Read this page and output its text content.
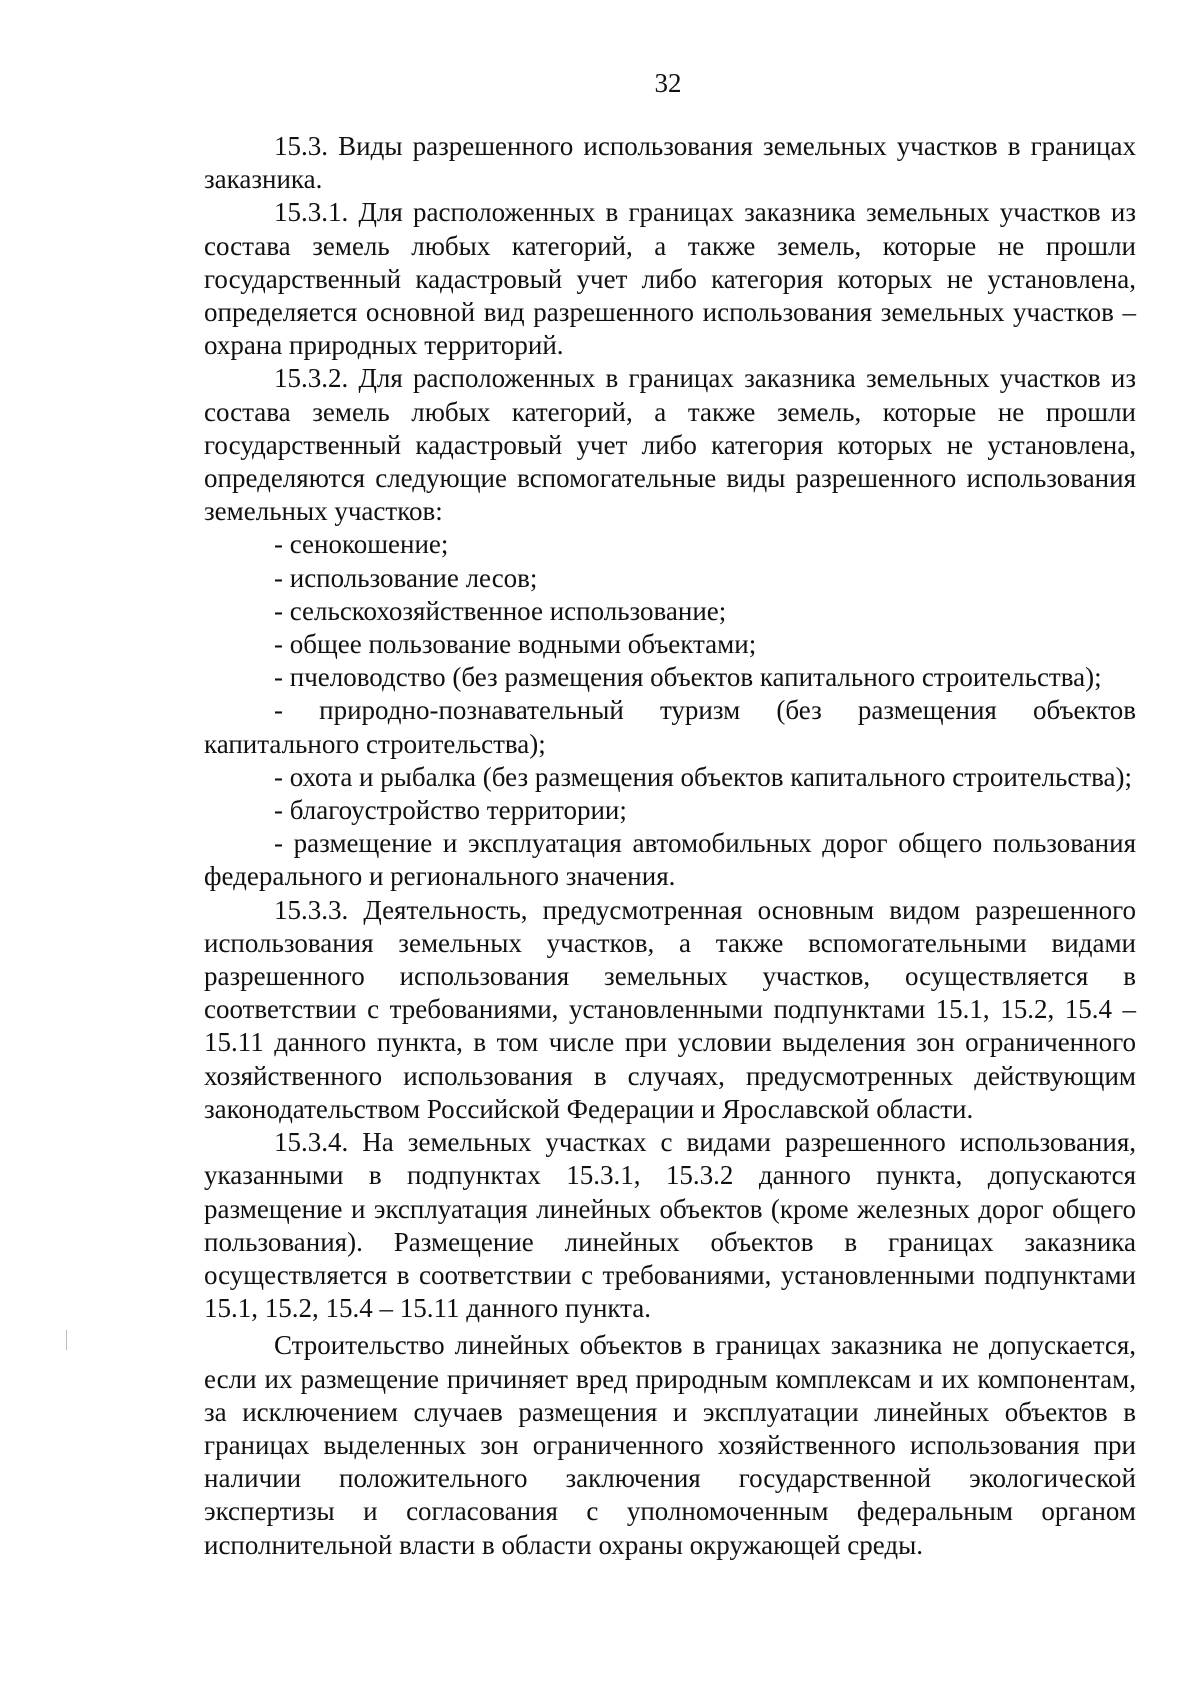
32

15.3. Виды разрешенного использования земельных участков в границах заказника.

15.3.1. Для расположенных в границах заказника земельных участков из состава земель любых категорий, а также земель, которые не прошли государственный кадастровый учет либо категория которых не установлена, определяется основной вид разрешенного использования земельных участков – охрана природных территорий.

15.3.2. Для расположенных в границах заказника земельных участков из состава земель любых категорий, а также земель, которые не прошли государственный кадастровый учет либо категория которых не установлена, определяются следующие вспомогательные виды разрешенного использования земельных участков:

- сенокошение;

- использование лесов;

- сельскохозяйственное использование;

- общее пользование водными объектами;

- пчеловодство (без размещения объектов капитального строительства);

- природно-познавательный туризм (без размещения объектов капитального строительства);

- охота и рыбалка (без размещения объектов капитального строительства);

- благоустройство территории;

- размещение и эксплуатация автомобильных дорог общего пользования федерального и регионального значения.

15.3.3. Деятельность, предусмотренная основным видом разрешенного использования земельных участков, а также вспомогательными видами разрешенного использования земельных участков, осуществляется в соответствии с требованиями, установленными подпунктами 15.1, 15.2, 15.4 – 15.11 данного пункта, в том числе при условии выделения зон ограниченного хозяйственного использования в случаях, предусмотренных действующим законодательством Российской Федерации и Ярославской области.

15.3.4. На земельных участках с видами разрешенного использования, указанными в подпунктах 15.3.1, 15.3.2 данного пункта, допускаются размещение и эксплуатация линейных объектов (кроме железных дорог общего пользования). Размещение линейных объектов в границах заказника осуществляется в соответствии с требованиями, установленными подпунктами 15.1, 15.2, 15.4 – 15.11 данного пункта.

Строительство линейных объектов в границах заказника не допускается, если их размещение причиняет вред природным комплексам и их компонентам, за исключением случаев размещения и эксплуатации линейных объектов в границах выделенных зон ограниченного хозяйственного использования при наличии положительного заключения государственной экологической экспертизы и согласования с уполномоченным федеральным органом исполнительной власти в области охраны окружающей среды.
